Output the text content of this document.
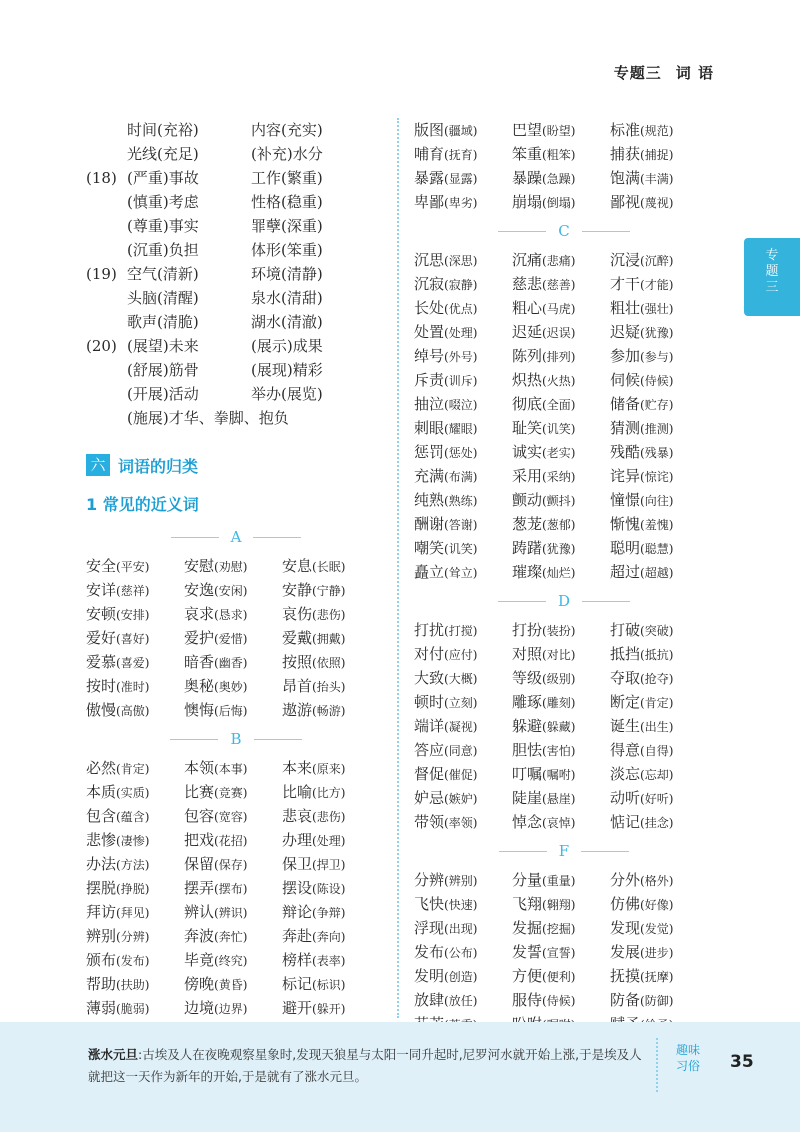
专题三 词 语
专
题
三
时间(充裕)	内容(充实)
光线(充足)	(补充)水分
(18) (严重)事故	工作(繁重)
(慎重)考虑	性格(稳重)
(尊重)事实	罪孽(深重)
(沉重)负担	体形(笨重)
(19) 空气(清新)	环境(清静)
头脑(清醒)	泉水(清甜)
歌声(清脆)	湖水(清澈)
(20) (展望)未来	(展示)成果
(舒展)筋骨	(展现)精彩
(开展)活动	举办(展览)
(施展)才华、拳脚、抱负
六 词语的归类
1 常见的近义词
A
安全(平安)	安慰(劝慰)	安息(长眠)
安详(慈祥)	安逸(安闲)	安静(宁静)
安顿(安排)	哀求(恳求)	哀伤(悲伤)
爱好(喜好)	爱护(爱惜)	爱戴(拥戴)
爱慕(喜爱)	暗香(幽香)	按照(依照)
按时(准时)	奥秘(奥妙)	昂首(抬头)
傲慢(高傲)	懊悔(后悔)	遨游(畅游)
B
必然(肯定)	本领(本事)	本来(原来)
本质(实质)	比赛(竞赛)	比喻(比方)
包含(蕴含)	包容(宽容)	悲哀(悲伤)
悲惨(凄惨)	把戏(花招)	办理(处理)
办法(方法)	保留(保存)	保卫(捍卫)
摆脱(挣脱)	摆弄(摆布)	摆设(陈设)
拜访(拜见)	辨认(辨识)	辩论(争辩)
辨别(分辨)	奔波(奔忙)	奔赴(奔向)
颁布(发布)	毕竟(终究)	榜样(表率)
帮助(扶助)	傍晚(黄昏)	标记(标识)
薄弱(脆弱)	边境(边界)	避开(躲开)
版图(疆域)	巴望(盼望)	标准(规范)
哺育(抚育)	笨重(粗笨)	捕获(捕捉)
暴露(显露)	暴躁(急躁)	饱满(丰满)
卑鄙(卑劣)	崩塌(倒塌)	鄙视(蔑视)
C
沉思(深思)	沉痛(悲痛)	沉浸(沉醉)
沉寂(寂静)	慈悲(慈善)	才干(才能)
长处(优点)	粗心(马虎)	粗壮(强壮)
处置(处理)	迟延(迟误)	迟疑(犹豫)
绰号(外号)	陈列(排列)	参加(参与)
斥责(训斥)	炽热(火热)	伺候(侍候)
抽泣(啜泣)	彻底(全面)	储备(贮存)
刺眼(耀眼)	耻笑(讥笑)	猜测(推测)
惩罚(惩处)	诚实(老实)	残酷(残暴)
充满(布满)	采用(采纳)	诧异(惊诧)
纯熟(熟练)	颤动(颤抖)	憧憬(向往)
酬谢(答谢)	葱茏(葱郁)	惭愧(羞愧)
嘲笑(讥笑)	踌躇(犹豫)	聪明(聪慧)
矗立(耸立)	璀璨(灿烂)	超过(超越)
D
打扰(打搅)	打扮(装扮)	打破(突破)
对付(应付)	对照(对比)	抵挡(抵抗)
大致(大概)	等级(级别)	夺取(抢夺)
顿时(立刻)	雕琢(雕刻)	断定(肯定)
端详(凝视)	躲避(躲藏)	诞生(出生)
答应(同意)	胆怯(害怕)	得意(自得)
督促(催促)	叮嘱(嘱咐)	淡忘(忘却)
妒忌(嫉妒)	陡崖(悬崖)	动听(好听)
带领(率领)	悼念(哀悼)	惦记(挂念)
F
分辨(辨别)	分量(重量)	分外(格外)
飞快(快速)	飞翔(翱翔)	仿佛(好像)
浮现(出现)	发掘(挖掘)	发现(发觉)
发布(公布)	发誓(宣誓)	发展(进步)
发明(创造)	方便(便利)	抚摸(抚摩)
放肆(放任)	服侍(侍候)	防备(防御)
涨水元旦:古埃及人在夜晚观察星象时,发现天狼星与太阳一同升起时,尼罗河水就开始上涨,于是埃及人就把这一天作为新年的开始,于是就有了涨水元旦。
趣味
习俗	35
